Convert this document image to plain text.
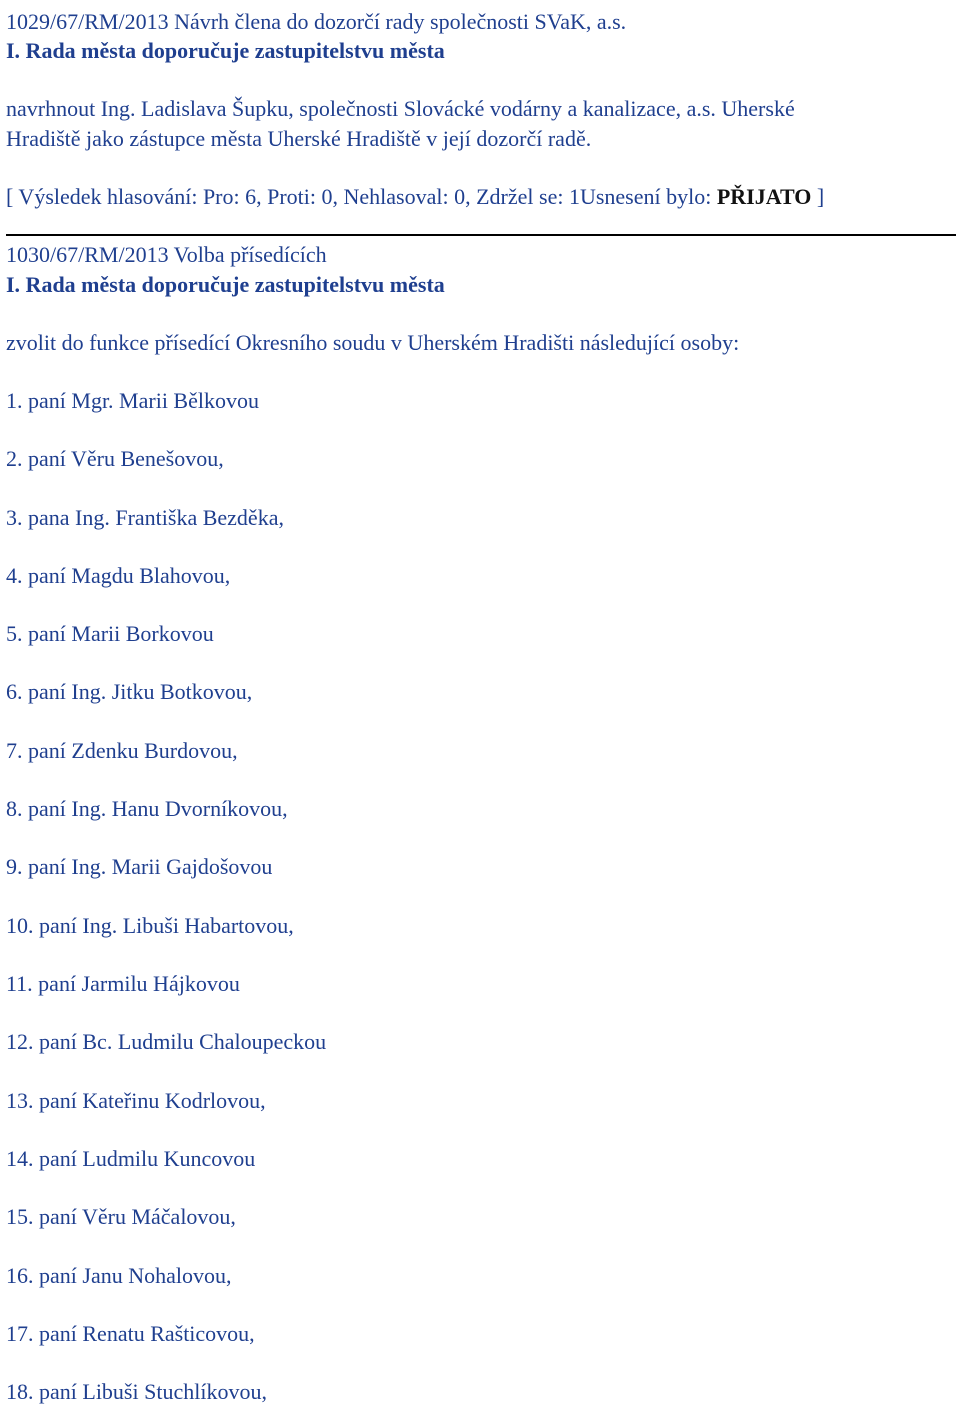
1029/67/RM/2013 Návrh člena do dozorčí rady společnosti SVaK, a.s.
I. Rada města doporučuje zastupitelstvu města
navrhnout Ing. Ladislava Šupku, společnosti Slovácké vodárny a kanalizace, a.s. Uherské
Hradiště jako zástupce města Uherské Hradiště v její dozorčí radě.
[ Výsledek hlasování: Pro: 6, Proti: 0, Nehlasoval: 0, Zdržel se: 1Usnesení bylo: PŘIJATO ]
1030/67/RM/2013 Volba přísedících
I. Rada města doporučuje zastupitelstvu města
zvolit do funkce přísedící Okresního soudu v Uherském Hradišti následující osoby:
1. paní Mgr. Marii Bělkovou
2. paní Věru Benešovou,
3. pana Ing. Františka Bezděka,
4. paní Magdu Blahovou,
5. paní Marii Borkovou
6. paní Ing. Jitku Botkovou,
7. paní Zdenku Burdovou,
8. paní Ing. Hanu Dvorníkovou,
9. paní Ing. Marii Gajdošovou
10. paní Ing. Libuši Habartovou,
11. paní Jarmilu Hájkovou
12. paní Bc. Ludmilu Chaloupeckou
13. paní Kateřinu Kodrlovou,
14. paní Ludmilu Kuncovou
15. paní Věru Máčalovou,
16. paní Janu Nohalovou,
17. paní Renatu Rašticovou,
18. paní Libuši Stuchlíkovou,
